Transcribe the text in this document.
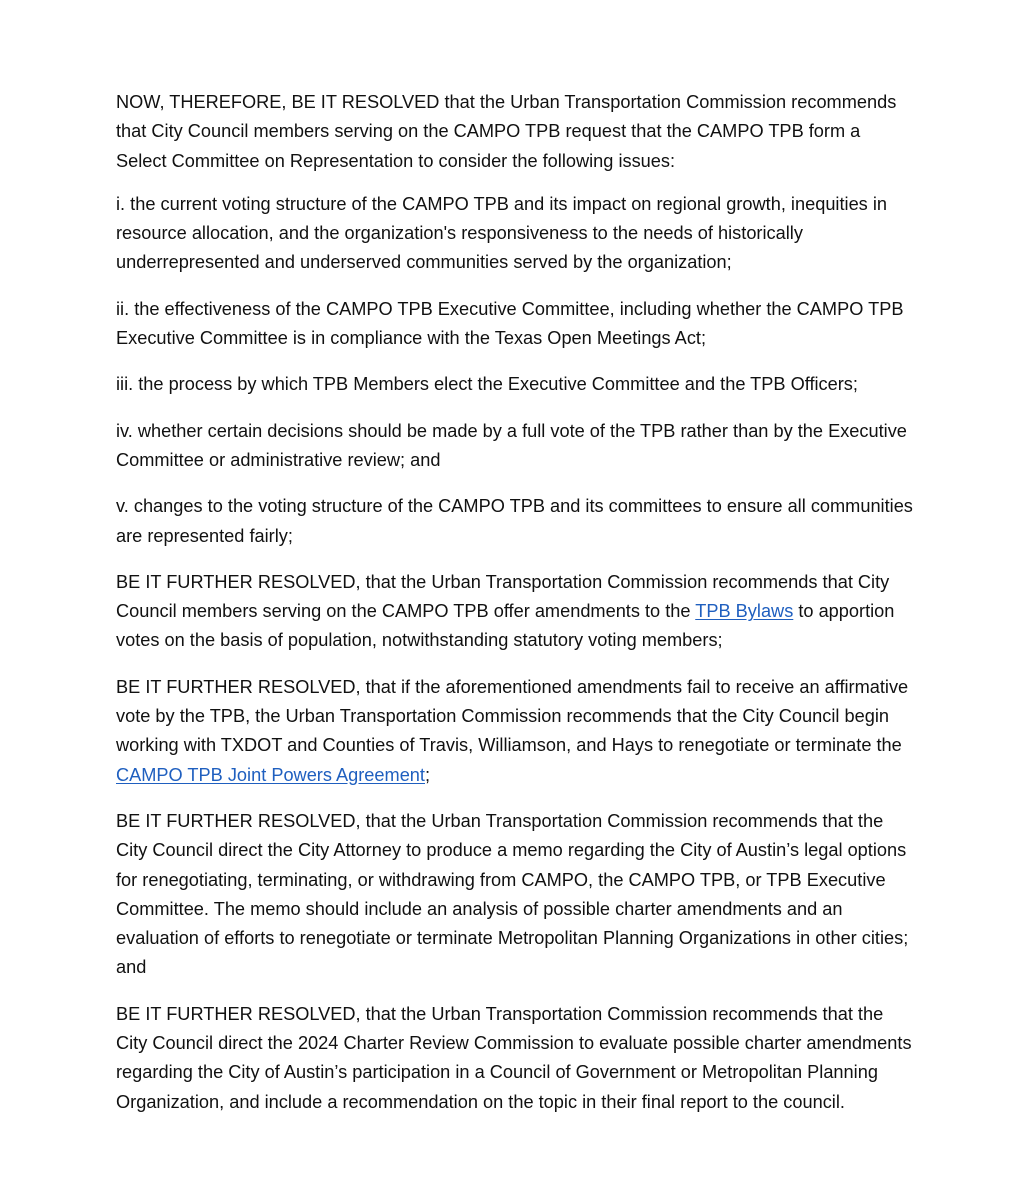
NOW, THEREFORE, BE IT RESOLVED that the Urban Transportation Commission recommends that City Council members serving on the CAMPO TPB request that the CAMPO TPB form a Select Committee on Representation to consider the following issues:

i. the current voting structure of the CAMPO TPB and its impact on regional growth, inequities in resource allocation, and the organization's responsiveness to the needs of historically underrepresented and underserved communities served by the organization;

ii. the effectiveness of the CAMPO TPB Executive Committee, including whether the CAMPO TPB Executive Committee is in compliance with the Texas Open Meetings Act;

iii. the process by which TPB Members elect the Executive Committee and the TPB Officers;

iv. whether certain decisions should be made by a full vote of the TPB rather than by the Executive Committee or administrative review; and

v. changes to the voting structure of the CAMPO TPB and its committees to ensure all communities are represented fairly;

BE IT FURTHER RESOLVED, that the Urban Transportation Commission recommends that City Council members serving on the CAMPO TPB offer amendments to the TPB Bylaws to apportion votes on the basis of population, notwithstanding statutory voting members;

BE IT FURTHER RESOLVED, that if the aforementioned amendments fail to receive an affirmative vote by the TPB, the Urban Transportation Commission recommends that the City Council begin working with TXDOT and Counties of Travis, Williamson, and Hays to renegotiate or terminate the CAMPO TPB Joint Powers Agreement;

BE IT FURTHER RESOLVED, that the Urban Transportation Commission recommends that the City Council direct the City Attorney to produce a memo regarding the City of Austin’s legal options for renegotiating, terminating, or withdrawing from CAMPO, the CAMPO TPB, or TPB Executive Committee. The memo should include an analysis of possible charter amendments and an evaluation of efforts to renegotiate or terminate Metropolitan Planning Organizations in other cities; and

BE IT FURTHER RESOLVED, that the Urban Transportation Commission recommends that the City Council direct the 2024 Charter Review Commission to evaluate possible charter amendments regarding the City of Austin’s participation in a Council of Government or Metropolitan Planning Organization, and include a recommendation on the topic in their final report to the council.
